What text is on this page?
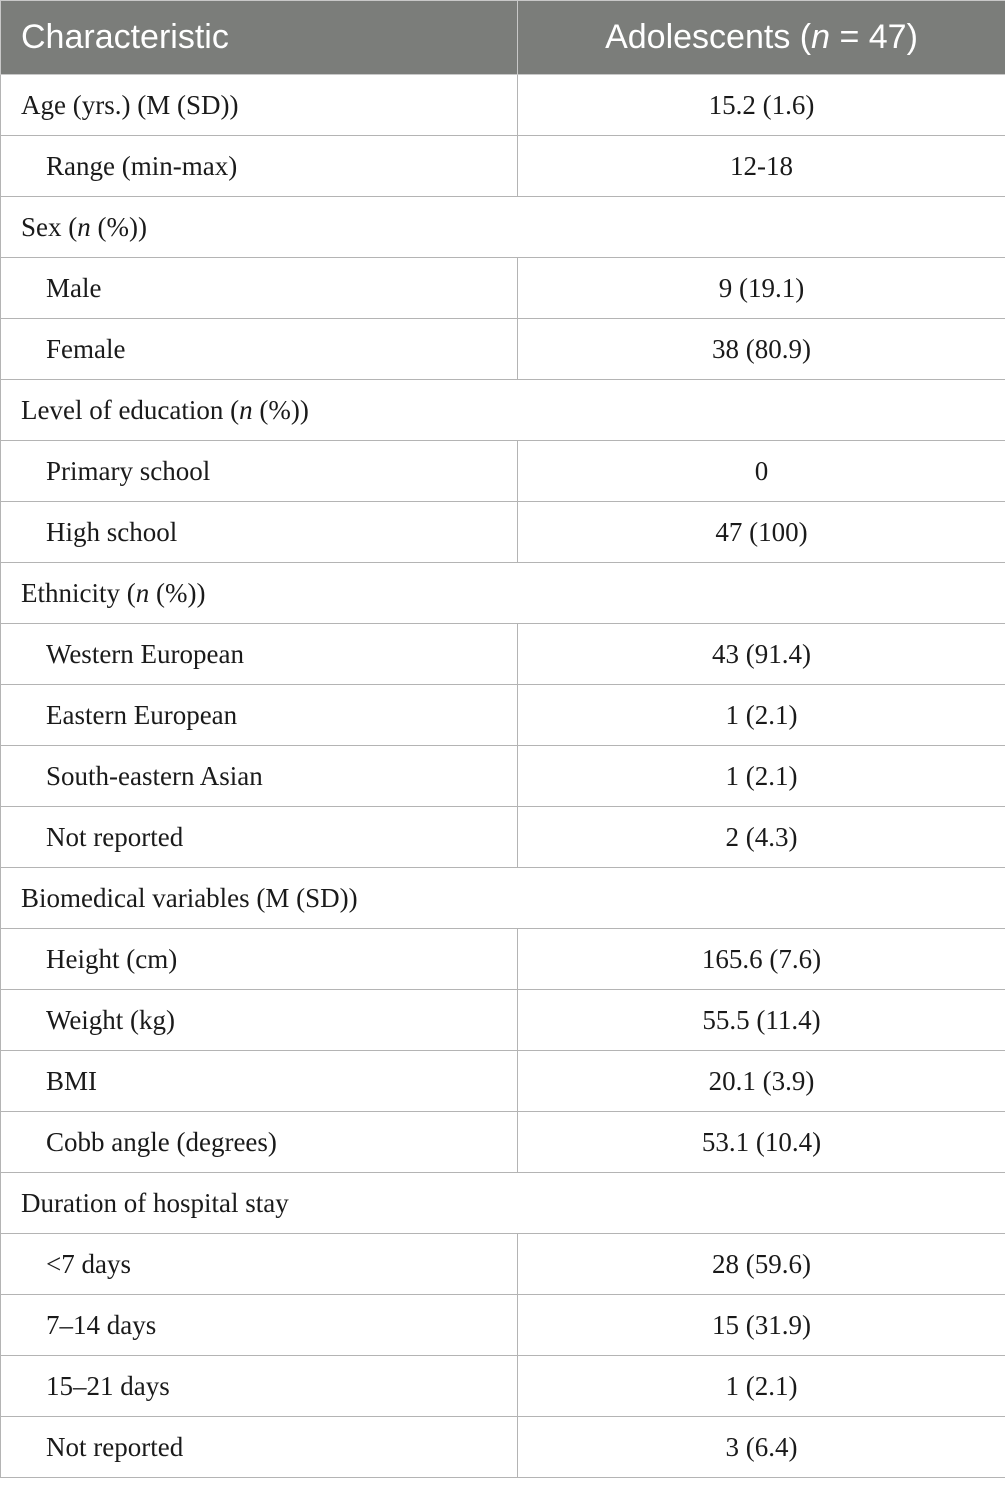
Characteristic	Adolescents (n = 47)
Age (yrs.) (M (SD))	15.2 (1.6)
Range (min-max)	12-18
Sex (n (%))	
Male	9 (19.1)
Female	38 (80.9)
Level of education (n (%))	
Primary school	0
High school	47 (100)
Ethnicity (n (%))	
Western European	43 (91.4)
Eastern European	1 (2.1)
South-eastern Asian	1 (2.1)
Not reported	2 (4.3)
Biomedical variables (M (SD))	
Height (cm)	165.6 (7.6)
Weight (kg)	55.5 (11.4)
BMI	20.1 (3.9)
Cobb angle (degrees)	53.1 (10.4)
Duration of hospital stay	
<7 days	28 (59.6)
7–14 days	15 (31.9)
15–21 days	1 (2.1)
Not reported	3 (6.4)
